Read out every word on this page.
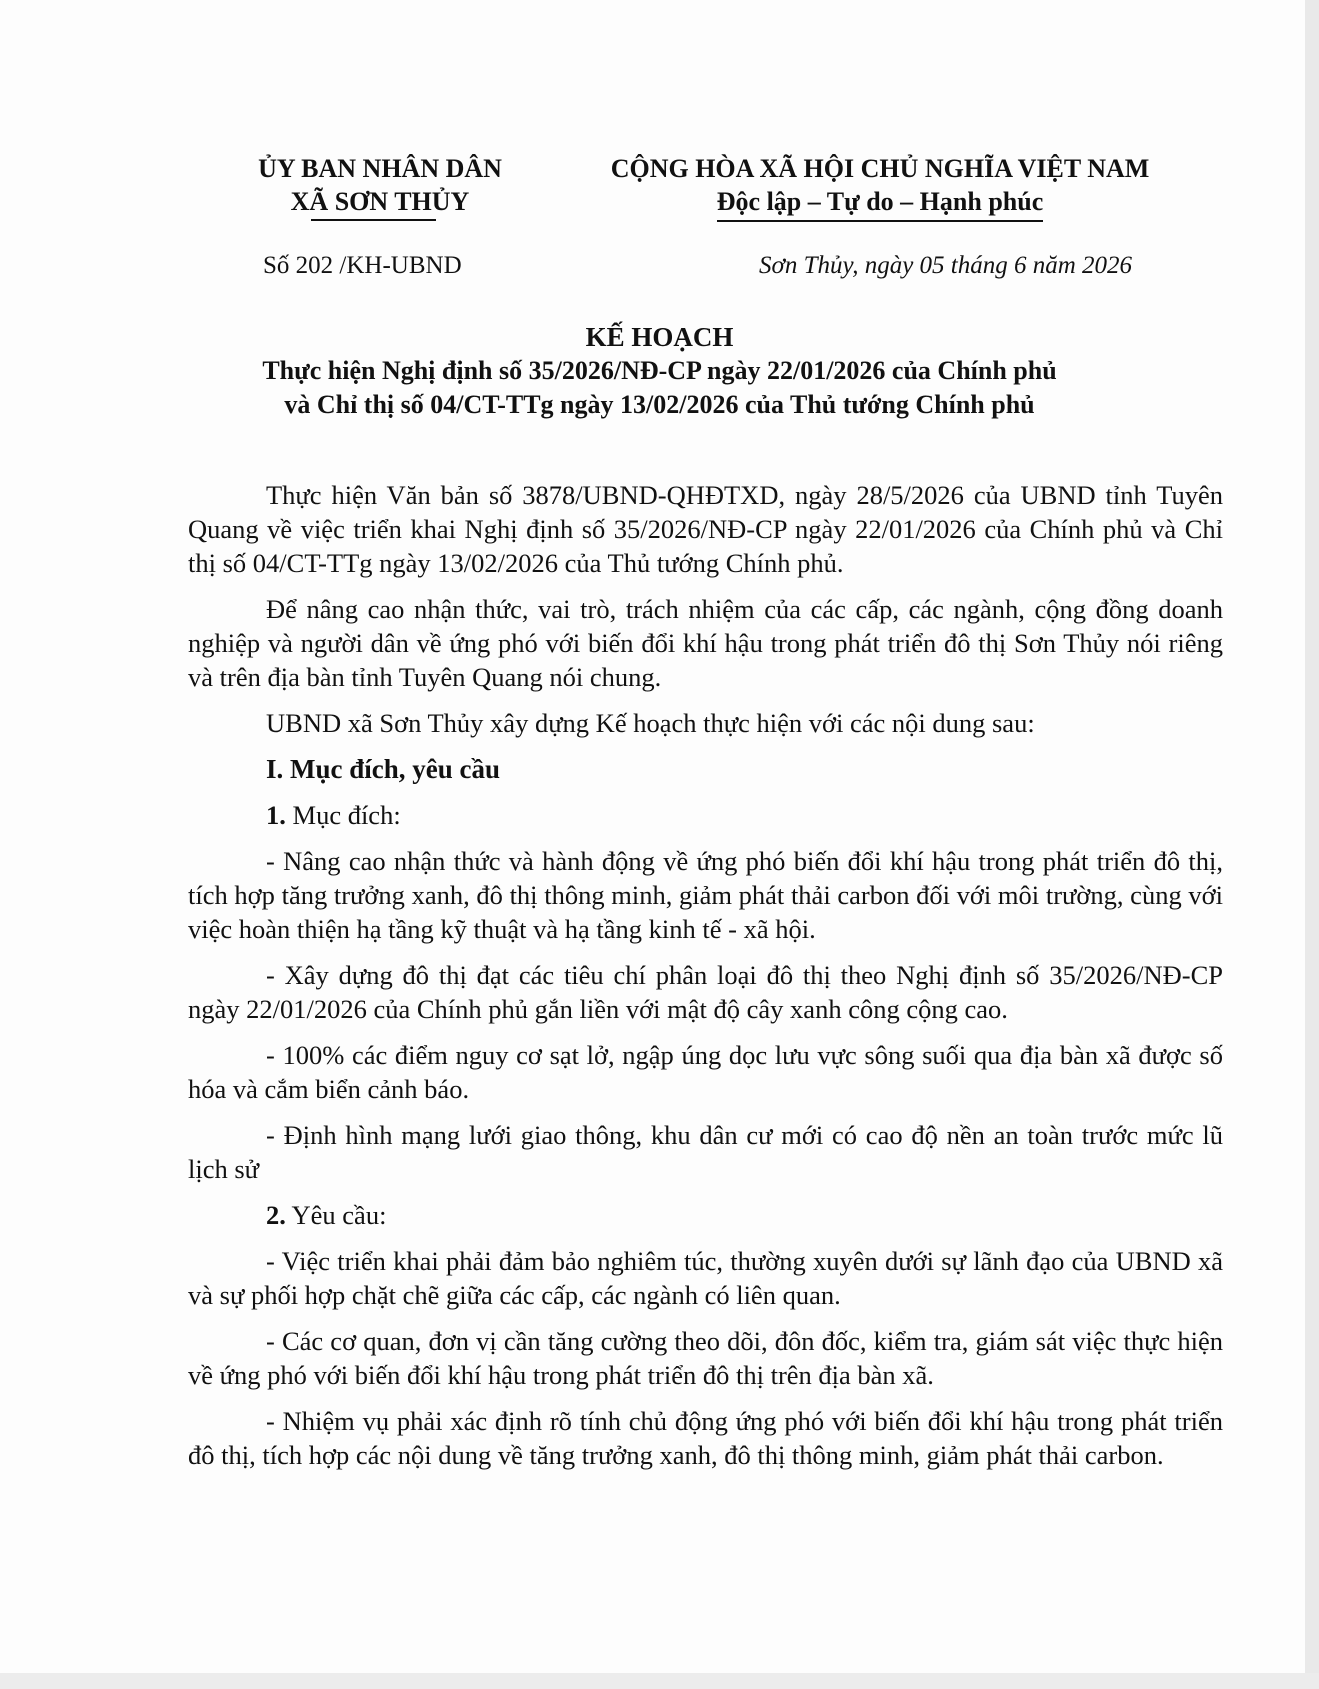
ỦY BAN NHÂN DÂN
XÃ SƠN THỦY
CỘNG HÒA XÃ HỘI CHỦ NGHĨA VIỆT NAM
Độc lập – Tự do – Hạnh phúc
Số 202 /KH-UBND	Sơn Thủy, ngày 05 tháng 6 năm 2026
KẾ HOẠCH
Thực hiện Nghị định số 35/2026/NĐ-CP ngày 22/01/2026 của Chính phủ
và Chỉ thị số 04/CT-TTg ngày 13/02/2026 của Thủ tướng Chính phủ

Thực hiện Văn bản số 3878/UBND-QHĐTXD, ngày 28/5/2026 của UBND tỉnh Tuyên Quang về việc triển khai Nghị định số 35/2026/NĐ-CP ngày 22/01/2026 của Chính phủ và Chỉ thị số 04/CT-TTg ngày 13/02/2026 của Thủ tướng Chính phủ.

Để nâng cao nhận thức, vai trò, trách nhiệm của các cấp, các ngành, cộng đồng doanh nghiệp và người dân về ứng phó với biến đổi khí hậu trong phát triển đô thị Sơn Thủy nói riêng và trên địa bàn tỉnh Tuyên Quang nói chung.

UBND xã Sơn Thủy xây dựng Kế hoạch thực hiện với các nội dung sau:

I. Mục đích, yêu cầu

1. Mục đích:

- Nâng cao nhận thức và hành động về ứng phó biến đổi khí hậu trong phát triển đô thị, tích hợp tăng trưởng xanh, đô thị thông minh, giảm phát thải carbon đối với môi trường, cùng với việc hoàn thiện hạ tầng kỹ thuật và hạ tầng kinh tế - xã hội.

- Xây dựng đô thị đạt các tiêu chí phân loại đô thị theo Nghị định số 35/2026/NĐ-CP ngày 22/01/2026 của Chính phủ gắn liền với mật độ cây xanh công cộng cao.

- 100% các điểm nguy cơ sạt lở, ngập úng dọc lưu vực sông suối qua địa bàn xã được số hóa và cắm biển cảnh báo.

- Định hình mạng lưới giao thông, khu dân cư mới có cao độ nền an toàn trước mức lũ lịch sử

2. Yêu cầu:

- Việc triển khai phải đảm bảo nghiêm túc, thường xuyên dưới sự lãnh đạo của UBND xã và sự phối hợp chặt chẽ giữa các cấp, các ngành có liên quan.

- Các cơ quan, đơn vị cần tăng cường theo dõi, đôn đốc, kiểm tra, giám sát việc thực hiện về ứng phó với biến đổi khí hậu trong phát triển đô thị trên địa bàn xã.

- Nhiệm vụ phải xác định rõ tính chủ động ứng phó với biến đổi khí hậu trong phát triển đô thị, tích hợp các nội dung về tăng trưởng xanh, đô thị thông minh, giảm phát thải carbon.
